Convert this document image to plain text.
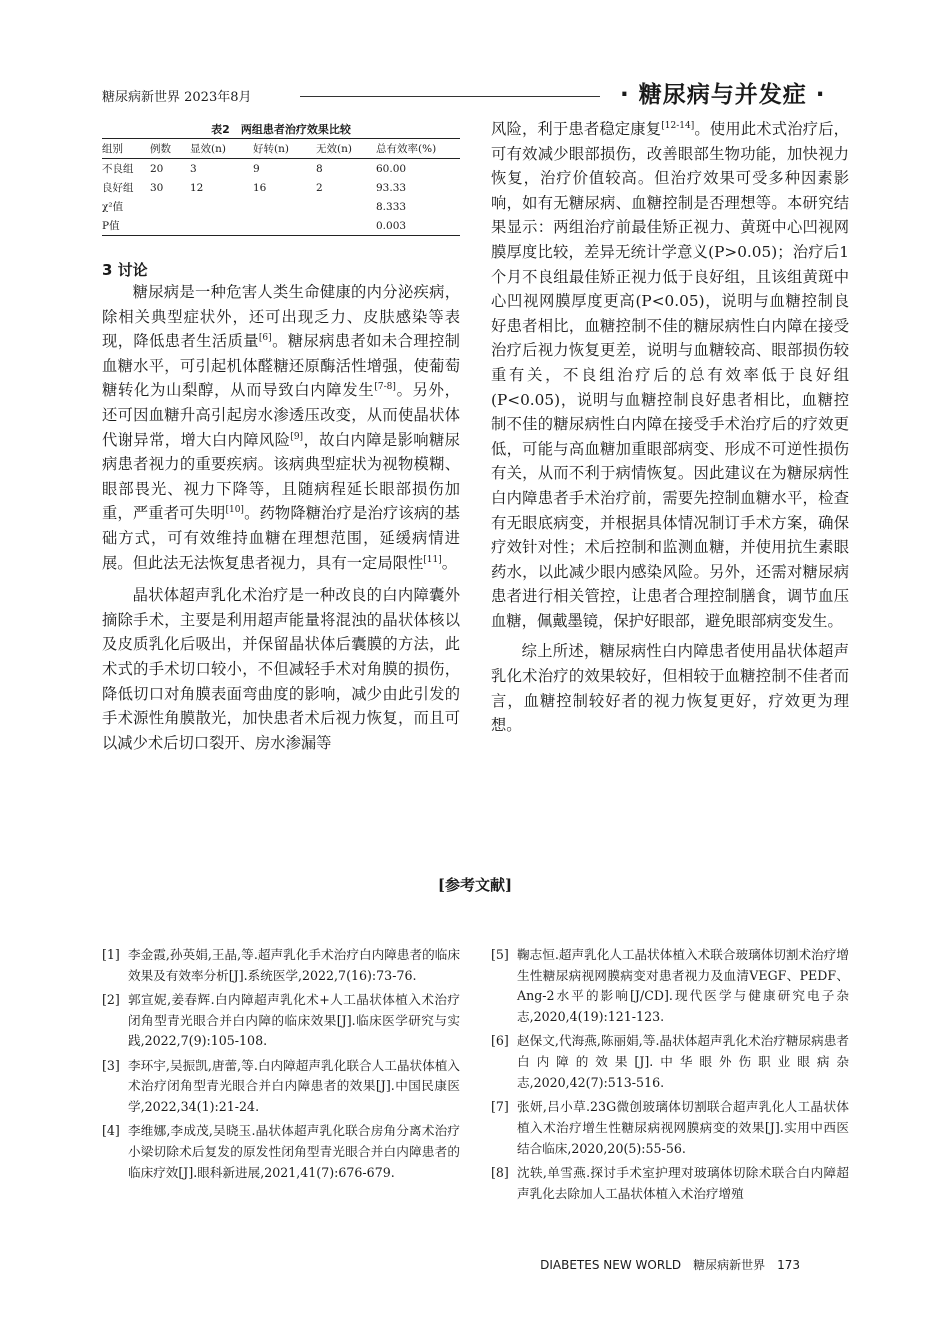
糖尿病新世界 2023年8月	· 糖尿病与并发症 ·
表2　两组患者治疗效果比较
组别	例数	显效(n)	好转(n)	无效(n)	总有效率(%)
不良组	20	3	9	8	60.00
良好组	30	12	16	2	93.33
χ²值					8.333
P值					0.003
3 讨论

糖尿病是一种危害人类生命健康的内分泌疾病，除相关典型症状外，还可出现乏力、皮肤感染等表现，降低患者生活质量[6]。糖尿病患者如未合理控制血糖水平，可引起机体醛糖还原酶活性增强，使葡萄糖转化为山梨醇，从而导致白内障发生[7-8]。另外，还可因血糖升高引起房水渗透压改变，从而使晶状体代谢异常，增大白内障风险[9]，故白内障是影响糖尿病患者视力的重要疾病。该病典型症状为视物模糊、眼部畏光、视力下降等，且随病程延长眼部损伤加重，严重者可失明[10]。药物降糖治疗是治疗该病的基础方式，可有效维持血糖在理想范围，延缓病情进展。但此法无法恢复患者视力，具有一定局限性[11]。

晶状体超声乳化术治疗是一种改良的白内障囊外摘除手术，主要是利用超声能量将混浊的晶状体核以及皮质乳化后吸出，并保留晶状体后囊膜的方法，此术式的手术切口较小，不但减轻手术对角膜的损伤，降低切口对角膜表面弯曲度的影响，减少由此引发的手术源性角膜散光，加快患者术后视力恢复，而且可以减少术后切口裂开、房水渗漏等

风险，利于患者稳定康复[12-14]。使用此术式治疗后，可有效减少眼部损伤，改善眼部生物功能，加快视力恢复，治疗价值较高。但治疗效果可受多种因素影响，如有无糖尿病、血糖控制是否理想等。本研究结果显示：两组治疗前最佳矫正视力、黄斑中心凹视网膜厚度比较，差异无统计学意义(P>0.05)；治疗后1个月不良组最佳矫正视力低于良好组，且该组黄斑中心凹视网膜厚度更高(P<0.05)，说明与血糖控制良好患者相比，血糖控制不佳的糖尿病性白内障在接受治疗后视力恢复更差，说明与血糖较高、眼部损伤较重有关，不良组治疗后的总有效率低于良好组(P<0.05)，说明与血糖控制良好患者相比，血糖控制不佳的糖尿病性白内障在接受手术治疗后的疗效更低，可能与高血糖加重眼部病变、形成不可逆性损伤有关，从而不利于病情恢复。因此建议在为糖尿病性白内障患者手术治疗前，需要先控制血糖水平，检查有无眼底病变，并根据具体情况制订手术方案，确保疗效针对性；术后控制和监测血糖，并使用抗生素眼药水，以此减少眼内感染风险。另外，还需对糖尿病患者进行相关管控，让患者合理控制膳食，调节血压血糖，佩戴墨镜，保护好眼部，避免眼部病变发生。

综上所述，糖尿病性白内障患者使用晶状体超声乳化术治疗的效果较好，但相较于血糖控制不佳者而言，血糖控制较好者的视力恢复更好，疗效更为理想。

[参考文献]
[1] 李金霞,孙英娟,王晶,等.超声乳化手术治疗白内障患者的临床效果及有效率分析[J].系统医学,2022,7(16):73-76.
[2] 郭宣妮,姜春辉.白内障超声乳化术+人工晶状体植入术治疗闭角型青光眼合并白内障的临床效果[J].临床医学研究与实践,2022,7(9):105-108.
[3] 李环宇,吴振凯,唐蕾,等.白内障超声乳化联合人工晶状体植入术治疗闭角型青光眼合并白内障患者的效果[J].中国民康医学,2022,34(1):21-24.
[4] 李维娜,李成茂,吴晓玉.晶状体超声乳化联合房角分离术治疗小梁切除术后复发的原发性闭角型青光眼合并白内障患者的临床疗效[J].眼科新进展,2021,41(7):676-679.
[5] 鞠志恒.超声乳化人工晶状体植入术联合玻璃体切割术治疗增生性糖尿病视网膜病变对患者视力及血清VEGF、PEDF、Ang-2水平的影响[J/CD].现代医学与健康研究电子杂志,2020,4(19):121-123.
[6] 赵保文,代海燕,陈丽娟,等.晶状体超声乳化术治疗糖尿病患者白内障的效果[J].中华眼外伤职业眼病杂志,2020,42(7):513-516.
[7] 张妍,吕小草.23G微创玻璃体切割联合超声乳化人工晶状体植入术治疗增生性糖尿病视网膜病变的效果[J].实用中西医结合临床,2020,20(5):55-56.
[8] 沈轶,单雪燕.探讨手术室护理对玻璃体切除术联合白内障超声乳化去除加人工晶状体植入术治疗增殖
DIABETES NEW WORLD　糖尿病新世界　173
